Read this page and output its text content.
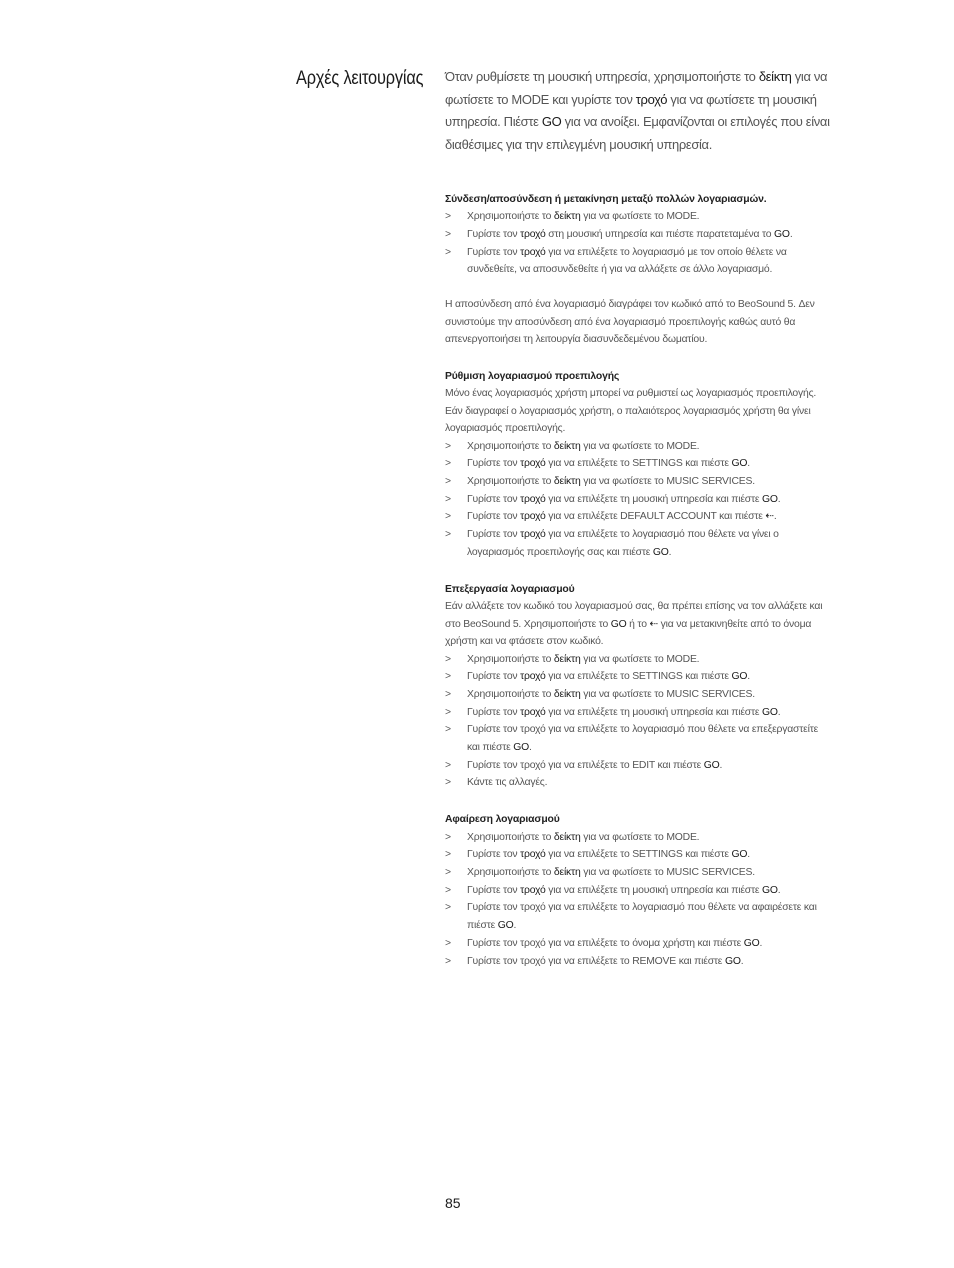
Αρχές λειτουργίας Όταν ρυθμίσετε τη μουσική υπηρεσία, χρησιμοποιήστε το δείκτη για να φωτίσετε το MODE και γυρίστε τον τροχό για να φωτίσετε τη μουσική υπηρεσία. Πιέστε GO για να ανοίξει. Εμφανίζονται οι επιλογές που είναι διαθέσιμες για την επιλεγμένη μουσική υπηρεσία.

Σύνδεση/αποσύνδεση ή μετακίνηση μεταξύ πολλών λογαριασμών.
> Χρησιμοποιήστε το δείκτη για να φωτίσετε το MODE.
> Γυρίστε τον τροχό στη μουσική υπηρεσία και πιέστε παρατεταμένα το GO.
> Γυρίστε τον τροχό για να επιλέξετε το λογαριασμό με τον οποίο θέλετε να συνδεθείτε, να αποσυνδεθείτε ή για να αλλάξετε σε άλλο λογαριασμό.

Η αποσύνδεση από ένα λογαριασμό διαγράφει τον κωδικό από το BeoSound 5. Δεν συνιστούμε την αποσύνδεση από ένα λογαριασμό προεπιλογής καθώς αυτό θα απενεργοποιήσει τη λειτουργία διασυνδεδεμένου δωματίου.

Ρύθμιση λογαριασμού προεπιλογής

Μόνο ένας λογαριασμός χρήστη μπορεί να ρυθμιστεί ως λογαριασμός προεπιλογής. Εάν διαγραφεί ο λογαριασμός χρήστη, ο παλαιότερος λογαριασμός χρήστη θα γίνει λογαριασμός προεπιλογής.

> Χρησιμοποιήστε το δείκτη για να φωτίσετε το MODE.
> Γυρίστε τον τροχό για να επιλέξετε το SETTINGS και πιέστε GO.
> Χρησιμοποιήστε το δείκτη για να φωτίσετε το MUSIC SERVICES.
> Γυρίστε τον τροχό για να επιλέξετε τη μουσική υπηρεσία και πιέστε GO.
> Γυρίστε τον τροχό για να επιλέξετε DEFAULT ACCOUNT και πιέστε ⇠.
> Γυρίστε τον τροχό για να επιλέξετε το λογαριασμό που θέλετε να γίνει ο λογαριασμός προεπιλογής σας και πιέστε GO.
Επεξεργασία λογαριασμού

Εάν αλλάξετε τον κωδικό του λογαριασμού σας, θα πρέπει επίσης να τον αλλάξετε και στο BeoSound 5. Χρησιμοποιήστε το GO ή το ⇠ για να μετακινηθείτε από το όνομα χρήστη και να φτάσετε στον κωδικό.

> Χρησιμοποιήστε το δείκτη για να φωτίσετε το MODE.
> Γυρίστε τον τροχό για να επιλέξετε το SETTINGS και πιέστε GO.
> Χρησιμοποιήστε το δείκτη για να φωτίσετε το MUSIC SERVICES.
> Γυρίστε τον τροχό για να επιλέξετε τη μουσική υπηρεσία και πιέστε GO.
> Γυρίστε τον τροχό για να επιλέξετε το λογαριασμό που θέλετε να επεξεργαστείτε και πιέστε GO.
> Γυρίστε τον τροχό για να επιλέξετε το EDIT και πιέστε GO.
> Κάντε τις αλλαγές.
Αφαίρεση λογαριασμού
> Χρησιμοποιήστε το δείκτη για να φωτίσετε το MODE.
> Γυρίστε τον τροχό για να επιλέξετε το SETTINGS και πιέστε GO.
> Χρησιμοποιήστε το δείκτη για να φωτίσετε το MUSIC SERVICES.
> Γυρίστε τον τροχό για να επιλέξετε τη μουσική υπηρεσία και πιέστε GO.
> Γυρίστε τον τροχό για να επιλέξετε το λογαριασμό που θέλετε να αφαιρέσετε και πιέστε GO.
> Γυρίστε τον τροχό για να επιλέξετε το όνομα χρήστη και πιέστε GO.
> Γυρίστε τον τροχό για να επιλέξετε το REMOVE και πιέστε GO.

85
